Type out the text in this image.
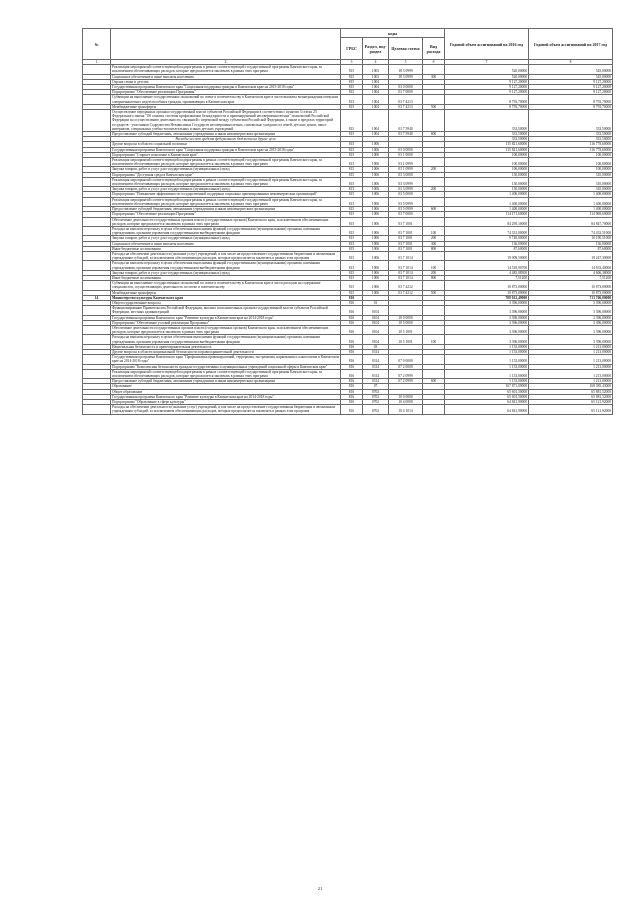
№		коды				Годовой объем ассигнований на 2016 год	Годовой объем ассигнований на 2017 год
		ГРБС	Раздел, под- раздел	Целевая статья	Вид расхода		
1	2	3	4	5	6	7	8
	Реализация мероприятий соответствующей подпрограммы в рамках соответствующей государственной программы Камчатского края, за исключением обеспечивающих расходов, которые предполагается заключать в рамках этих программ	815	1003	18 3 0999		520,00000	545,00000
	Социальное обеспечение и иные выплаты населению	815	1003	18 3 0999	300	520,00000	545,00000
	Охрана семьи и детства	815	1004			9 127,20000	9 127,20000
	Государственная программа Камчатского края "Социальная поддержка граждан в Камчатском крае на 2015-2018 годы"	815	1004	03 0 0000		9 127,20000	9 127,20000
	Подпрограмма "Обеспечение реализации Программы"	815	1004	03 7 0000		9 127,20000	9 127,20000
	Субвенции на выполнение государственных полномочий по опеке и попечительству в Камчатском крае в части выплаты вознаграждения опекунам совершеннолетних недееспособных граждан, проживающих в Камчатском крае	815	1004	03 7 4213		8 793,70000	8 793,70000
	Межбюджетные трансферты	815	1004	03 7 4213	500	8 793,70000	8 793,70000
	Осуществление переданных органам государственной власти субъектов Российской Федерации в соответствии с пунктом 3 статьи 25 Федерального закона "Об основах системы профилактики безнадзорности и правонарушений несовершеннолетних" полномочий Российской Федерации по осуществлению деятельности, связанной с перевозкой между субъектами Российской Федерации, а также в пределах территорий государств - участников Содружества Независимых Государств несовершеннолетних, самовольно ушедших из семей, детских домов, школ-интернатов, специальных учебно-воспитательных и иных детских учреждений	815	1004	03 7 5940		333,50000	333,50000
	Предоставление субсидий бюджетным, автономным учреждениям и иным некоммерческим организациям	815	1004	03 7 5940	600	333,50000	333,50000
	Расходы за счет средств федерального бюджета на другие цели					333,50000	333,50000
	Другие вопросы в области социальной политики	815	1006			115 821,60000	116 778,60000
	Государственная программа Камчатского края "Социальная поддержка граждан в Камчатском крае на 2015-2018 годы"	815	1006	03 0 0000		115 821,60000	116 778,60000
	Подпрограмма "Старшее поколение в Камчатском крае"	815	1006	03 1 0000		100,00000	100,00000
	Реализация мероприятий соответствующей подпрограммы в рамках соответствующей государственной программы Камчатского края, за исключением обеспечивающих расходов, которые предполагается заключать в рамках этих программ	815	1006	03 1 0999		100,00000	100,00000
	Закупка товаров, работ и услуг для государственных (муниципальных) нужд	815	1006	03 1 0999	200	100,00000	100,00000
	Подпрограмма "Доступная среда в Камчатском крае"	815	1006	03 3 0000		150,00000	310,00000
	Реализация мероприятий соответствующей подпрограммы в рамках соответствующей государственной программы Камчатского края, за исключением обеспечивающих расходов, которые предполагается заключать в рамках этих программ	815	1006	03 3 0999		150,00000	310,00000
	Закупка товаров, работ и услуг для государственных (муниципальных) нужд	815	1006	03 3 0999	200	150,00000	310,00000
	Подпрограмма "Повышение эффективности государственной поддержки социально ориентированных некоммерческих организаций"	815	1006	03 5 0000		1 400,00000	1 400,00000
	Реализация мероприятий соответствующей подпрограммы в рамках соответствующей государственной программы Камчатского края, за исключением обеспечивающих расходов, которые предполагается заключать в рамках этих программ	815	1006	03 5 0999		1 400,00000	1 400,00000
	Предоставление субсидий бюджетным, автономным учреждениям и иным некоммерческим организациям	815	1006	03 5 0999	600	1 400,00000	1 400,00000
	Подпрограмма "Обеспечение реализации Программы"	815	1006	03 7 0000		114 171,60000	114 968,60000
	Обеспечение деятельности государственных органов власти (государственных органов) Камчатского края, за исключением обеспечивающих расходов, которые предполагается заключать в рамках этих программ	815	1006	03 7 1001		84 295,10000	84 847,70000
	Расходы на выплаты персоналу в целях обеспечения выполнения функций государственными (муниципальными) органами, казенными учреждениями, органами управления государственными внебюджетными фондами	815	1006	03 7 1001	100	74 331,00000	74 433,51000
	Закупка товаров, работ и услуг для государственных (муниципальных) нужд	815	1006	03 7 1001	200	9 740,00000	10 190,51000
	Социальное обеспечение и иные выплаты населению	815	1006	03 7 1001	300	136,00000	136,00000
	Иные бюджетные ассигнования	815	1006	03 7 1001	800	87,60000	87,60000
	Расходы на обеспечение деятельности (оказание услуг) учреждений, в том числе на предоставление государственным бюджетным и автономным учреждениям субсидий, за исключением обеспечивающих расходов, которые предполагается заключать в рамках этих программ	815	1006	03 7 1014		19 009,50000	19 247,30000
	Расходы на выплаты персоналу в целях обеспечения выполнения функций государственными (муниципальными) органами, казенными учреждениями, органами управления государственными внебюджетными фондами	815	1006	03 7 1014	100	14 518,90700	14 633,40000
	Закупка товаров, работ и услуг для государственных (муниципальных) нужд	815	1006	03 7 1014	200	4 483,08300	4 606,38000
	Иные бюджетные ассигнования	815	1006	03 7 1014	800	7,51200	7,51200
	Субвенции на выполнение государственных полномочий по опеке и попечительству в Камчатском крае в части расходов на содержание специалистов, осуществляющих деятельность по опеке и попечительству	815	1006	03 7 4212		10 873,00000	10 873,00000
	Межбюджетные трансферты	815	1006	03 7 4212	500	10 873,00000	10 873,00000
14	Министерство культуры Камчатского края	816				708 012,49000	713 766,00000
	Общегосударственные вопросы	816	01			3 396,00000	3 396,00000
	Функционирование Правительства Российской Федерации, высших исполнительных органов государственной власти субъектов Российской Федерации, местных администраций	816	0104			3 396,00000	3 396,00000
	Государственная программа Камчатского края "Развитие культуры в Камчатском крае на 2014-2018 годы"	816	0104	10 0 0000		3 396,00000	3 396,00000
	Подпрограмма "Обеспечение условий реализации Программы"	816	0104	10 5 0000		3 396,00000	3 396,00000
	Обеспечение деятельности государственных органов власти (государственных органов) Камчатского края, за исключением обеспечивающих расходов, которые предполагается заключать в рамках этих программ	816	0104	10 5 1001		3 396,00000	3 396,00000
	Расходы на выплаты персоналу в целях обеспечения выполнения функций государственными (муниципальными) органами, казенными учреждениями, органами управления государственными внебюджетными фондами	816	0104	10 5 1001	100	3 396,00000	3 396,00000
	Национальная безопасность и правоохранительная деятельность	816	03			1 153,00000	1 213,00000
	Другие вопросы в области национальной безопасности и правоохранительной деятельности	816	0314			1 153,00000	1 213,00000
	Государственная программа Камчатского края "Профилактика правонарушений, терроризма, экстремизма, наркомании и алкоголизма в Камчатском крае на 2014-2018 годы"	816	0314	07 0 0000		1 153,00000	1 213,00000
	Подпрограмма "Комплексная безопасность граждан государственных и муниципальных учреждений социальной сферы в Камчатском крае"	816	0314	07 2 0000		1 153,00000	1 213,00000
	Реализация мероприятий соответствующей подпрограммы в рамках соответствующей государственной программы Камчатского края, за исключением обеспечивающих расходов, которые предполагается заключать в рамках этих программ	816	0314	07 2 0999		1 153,00000	1 213,00000
	Предоставление субсидий бюджетным, автономным учреждениям и иным некоммерческим организациям	816	0314	07 2 0999	600	1 153,00000	1 213,00000
	Образование	816	07			167 871,09000	168 385,43000
	Общее образование	816	0702			65 601,50000	65 881,52000
	Государственная программа Камчатского края "Развитие культуры в Камчатском крае на 2014-2018 годы"	816	0702	10 0 0000		65 601,50000	65 881,52000
	Подпрограмма "Образование в сфере культуры"	816	0702	10 4 0000		64 841,90000	65 121,92000
	Расходы на обеспечение деятельности (оказание услуг) учреждений, в том числе на предоставление государственным бюджетным и автономным учреждениям субсидий, за исключением обеспечивающих расходов, которые предполагается заключать в рамках этих программ	816	0702	10 4 1014		64 841,90000	65 121,92000
21
